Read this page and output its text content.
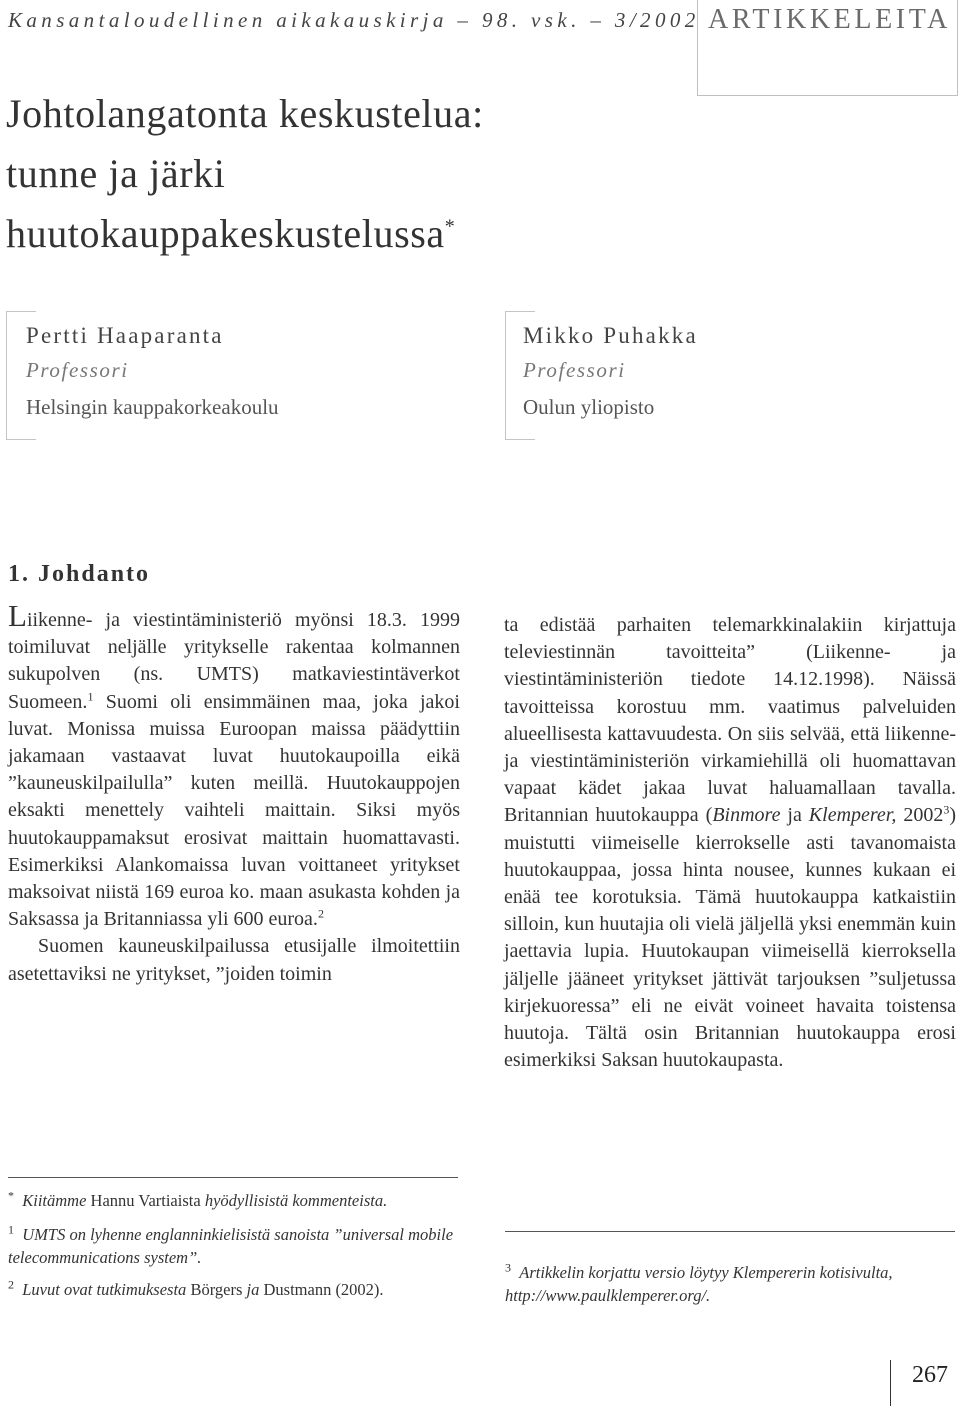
Kansantaloudellinen aikakauskirja – 98. vsk. – 3/2002 ARTIKKELEITA
Johtolangatonta keskustelua:
tunne ja järki
huutokauppakeskustelussa*
Pertti Haaparanta
Professori
Helsingin kauppakorkeakoulu
Mikko Puhakka
Professori
Oulun yliopisto
1. Johdanto

Liikenne- ja viestintäministeriö myönsi 18.3. 1999 toimiluvat neljälle yritykselle rakentaa kolmannen sukupolven (ns. UMTS) matkaviestintäverkot Suomeen.$^1$ Suomi oli ensimmäinen maa, joka jakoi luvat. Monissa muissa Euroopan maissa päädyttiin jakamaan vastaavat luvat huutokaupoilla eikä ”kauneuskilpailulla” kuten meillä. Huutokauppojen eksakti menettely vaihteli maittain. Siksi myös huutokauppamaksut erosivat maittain huomattavasti. Esimerkiksi Alankomaissa luvan voittaneet yritykset maksoivat niistä 169 euroa ko. maan asukasta kohden ja Saksassa ja Britanniassa yli 600 euroa.$^2$

Suomen kauneuskilpailussa etusijalle ilmoitettiin asetettaviksi ne yritykset, ”joiden toimin

ta edistää parhaiten telemarkkinalakiin kirjattuja televiestinnän tavoitteita” (Liikenne- ja viestintäministeriön tiedote 14.12.1998). Näissä tavoitteissa korostuu mm. vaatimus palveluiden alueellisesta kattavuudesta. On siis selvää, että liikenne- ja viestintäministeriön virkamiehillä oli huomattavan vapaat kädet jakaa luvat haluamallaan tavalla. Britannian huutokauppa (Binmore ja Klemperer, 2002$^3$) muistutti viimeiselle kierrokselle asti tavanomaista huutokauppaa, jossa hinta nousee, kunnes kukaan ei enää tee korotuksia. Tämä huutokauppa katkaistiin silloin, kun huutajia oli vielä jäljellä yksi enemmän kuin jaettavia lupia. Huutokaupan viimeisellä kierroksella jäljelle jääneet yritykset jättivät tarjouksen ”suljetussa kirjekuoressa” eli ne eivät voineet havaita toistensa huutoja. Tältä osin Britannian huutokauppa erosi esimerkiksi Saksan huutokaupasta.

* Kiitämme Hannu Vartiaista hyödyllisistä kommenteista.

$^1$ UMTS on lyhenne englanninkielisistä sanoista ”universal mobile telecommunications system”.

$^2$ Luvut ovat tutkimuksesta Börgers ja Dustmann (2002).

$^3$ Artikkelin korjattu versio löytyy Klempererin kotisivulta, http://www.paulklemperer.org/.

267
